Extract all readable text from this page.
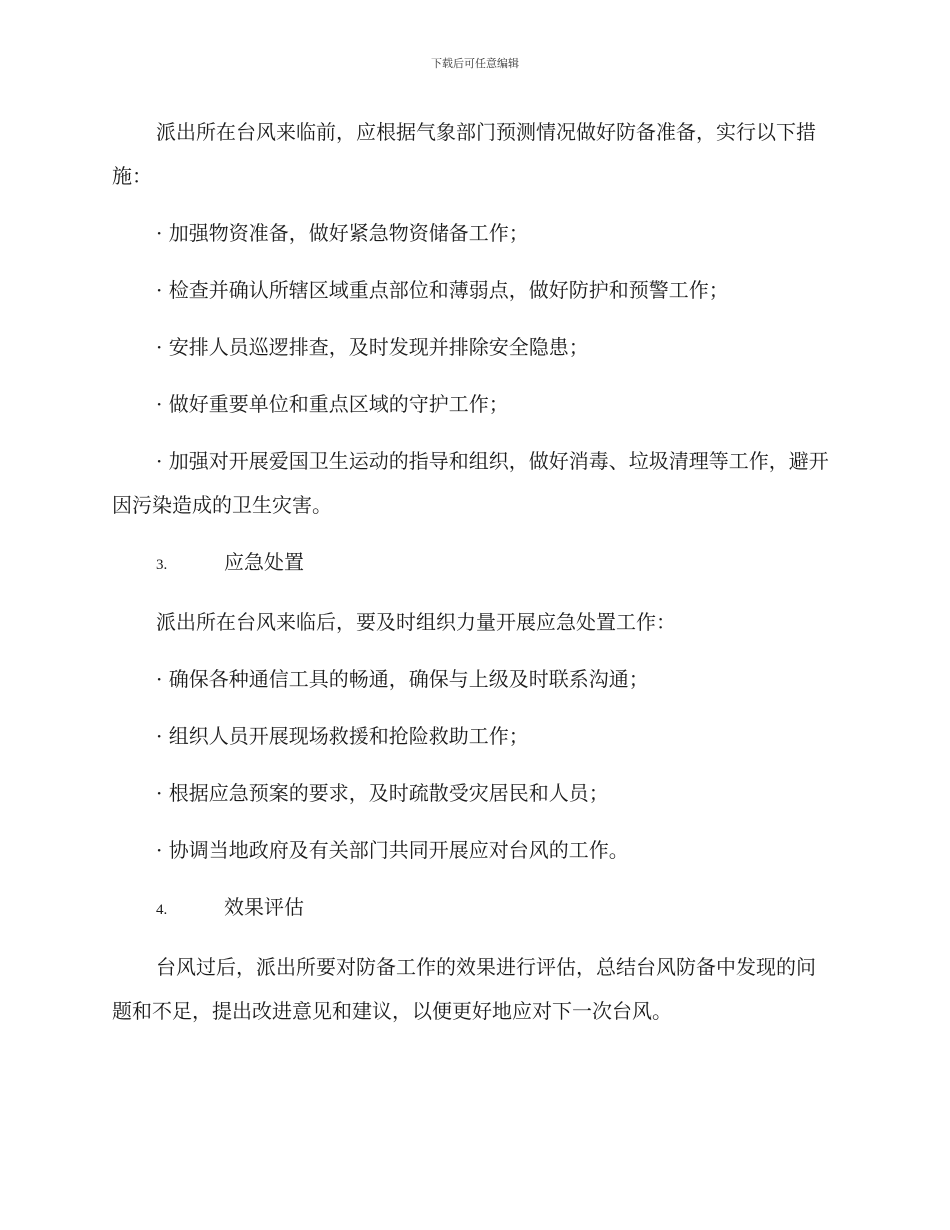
下载后可任意编辑

派出所在台风来临前，应根据气象部门预测情况做好防备准备，实行以下措施：

· 加强物资准备，做好紧急物资储备工作；

· 检查并确认所辖区域重点部位和薄弱点，做好防护和预警工作；

· 安排人员巡逻排查，及时发现并排除安全隐患；

· 做好重要单位和重点区域的守护工作；

· 加强对开展爱国卫生运动的指导和组织，做好消毒、垃圾清理等工作，避开因污染造成的卫生灾害。

3.	应急处置

派出所在台风来临后，要及时组织力量开展应急处置工作：

· 确保各种通信工具的畅通，确保与上级及时联系沟通；

· 组织人员开展现场救援和抢险救助工作；

· 根据应急预案的要求，及时疏散受灾居民和人员；

· 协调当地政府及有关部门共同开展应对台风的工作。

4.	效果评估

台风过后，派出所要对防备工作的效果进行评估，总结台风防备中发现的问题和不足，提出改进意见和建议，以便更好地应对下一次台风。
